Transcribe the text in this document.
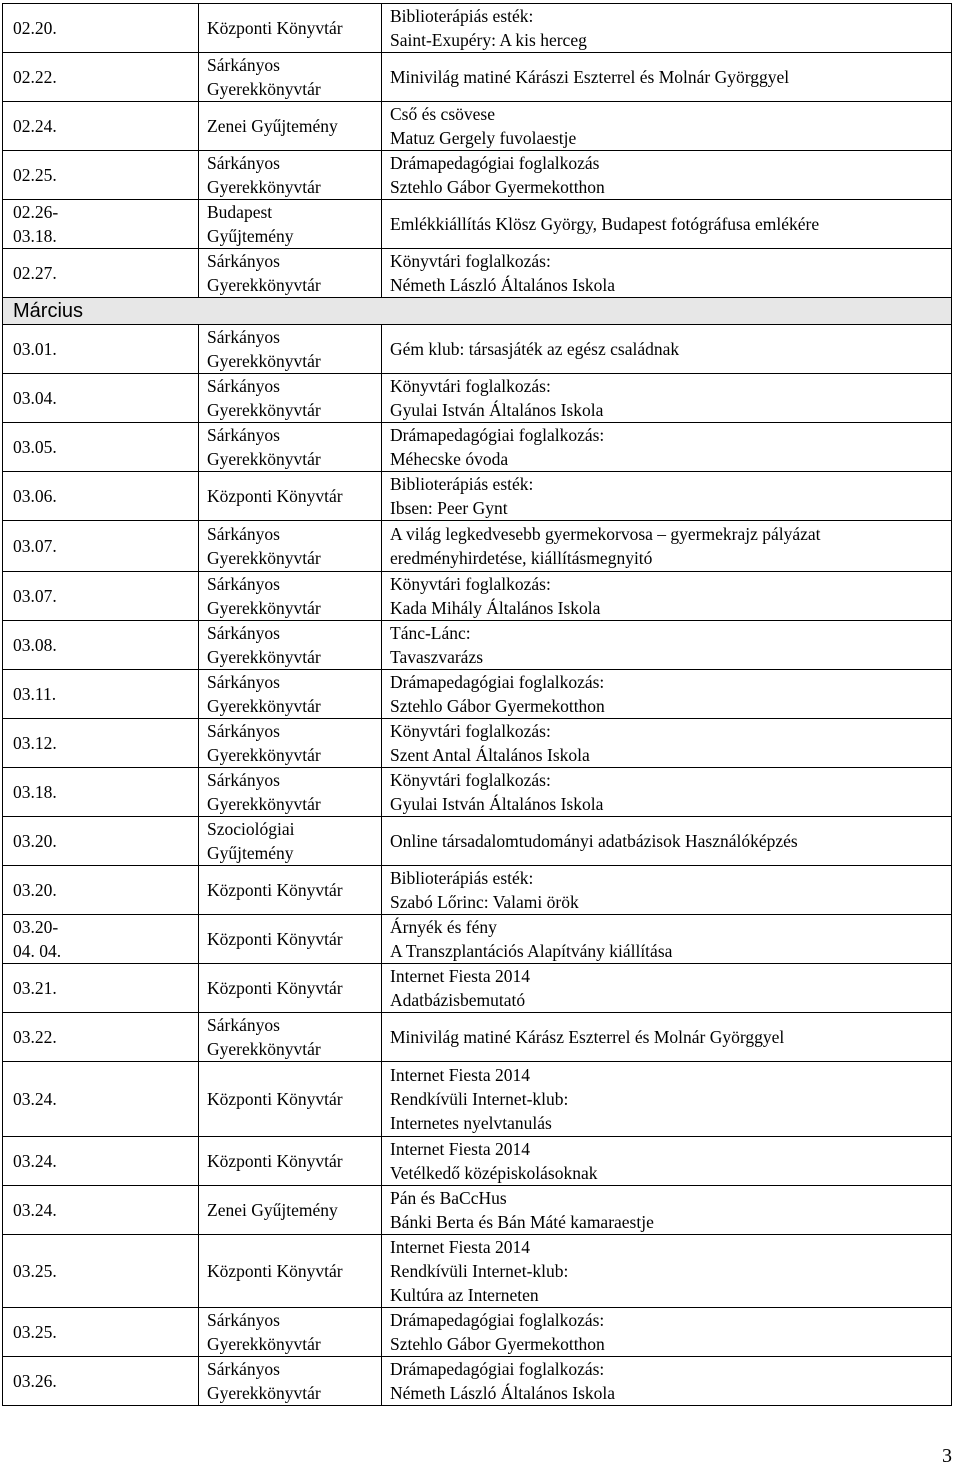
02.20.	Központi Könyvtár	Biblioterápiás esték:
Saint-Exupéry: A kis herceg
02.22.	Sárkányos
Gyerekkönyvtár	Minivilág matiné Kárászi Eszterrel és Molnár Györggyel
02.24.	Zenei Gyűjtemény	Cső és csövese
Matuz Gergely fuvolaestje
02.25.	Sárkányos
Gyerekkönyvtár	Drámapedagógiai foglalkozás
Sztehlo Gábor Gyermekotthon
02.26-
03.18.	Budapest
Gyűjtemény	Emlékkiállítás Klösz György, Budapest fotógráfusa emlékére
02.27.	Sárkányos
Gyerekkönyvtár	Könyvtári foglalkozás:
Németh László Általános Iskola
Március		
03.01.	Sárkányos
Gyerekkönyvtár	Gém klub: társasjáték az egész családnak
03.04.	Sárkányos
Gyerekkönyvtár	Könyvtári foglalkozás:
Gyulai István Általános Iskola
03.05.	Sárkányos
Gyerekkönyvtár	Drámapedagógiai foglalkozás:
Méhecske óvoda
03.06.	Központi Könyvtár	Biblioterápiás esték:
Ibsen: Peer Gynt
03.07.	Sárkányos
Gyerekkönyvtár	A világ legkedvesebb gyermekorvosa – gyermekrajz pályázat
eredményhirdetése, kiállításmegnyitó
03.07.	Sárkányos
Gyerekkönyvtár	Könyvtári foglalkozás:
Kada Mihály Általános Iskola
03.08.	Sárkányos
Gyerekkönyvtár	Tánc-Lánc:
Tavaszvarázs
03.11.	Sárkányos
Gyerekkönyvtár	Drámapedagógiai foglalkozás:
Sztehlo Gábor Gyermekotthon
03.12.	Sárkányos
Gyerekkönyvtár	Könyvtári foglalkozás:
Szent Antal Általános Iskola
03.18.	Sárkányos
Gyerekkönyvtár	Könyvtári foglalkozás:
Gyulai István Általános Iskola
03.20.	Szociológiai
Gyűjtemény	Online társadalomtudományi adatbázisok Használóképzés
03.20.	Központi Könyvtár	Biblioterápiás esték:
Szabó Lőrinc: Valami örök
03.20-
04. 04.	Központi Könyvtár	Árnyék és fény
A Transzplantációs Alapítvány kiállítása
03.21.	Központi Könyvtár	Internet Fiesta 2014
Adatbázisbemutató
03.22.	Sárkányos
Gyerekkönyvtár	Minivilág matiné Kárász Eszterrel és Molnár Györggyel
03.24.	Központi Könyvtár	Internet Fiesta 2014
Rendkívüli Internet-klub:
Internetes nyelvtanulás
03.24.	Központi Könyvtár	Internet Fiesta 2014
Vetélkedő középiskolásoknak
03.24.	Zenei Gyűjtemény	Pán és BaCcHus
Bánki Berta és Bán Máté kamaraestje
03.25.	Központi Könyvtár	Internet Fiesta 2014
Rendkívüli Internet-klub:
Kultúra az Interneten
03.25.	Sárkányos
Gyerekkönyvtár	Drámapedagógiai foglalkozás:
Sztehlo Gábor Gyermekotthon
03.26.	Sárkányos
Gyerekkönyvtár	Drámapedagógiai foglalkozás:
Németh László Általános Iskola
3
